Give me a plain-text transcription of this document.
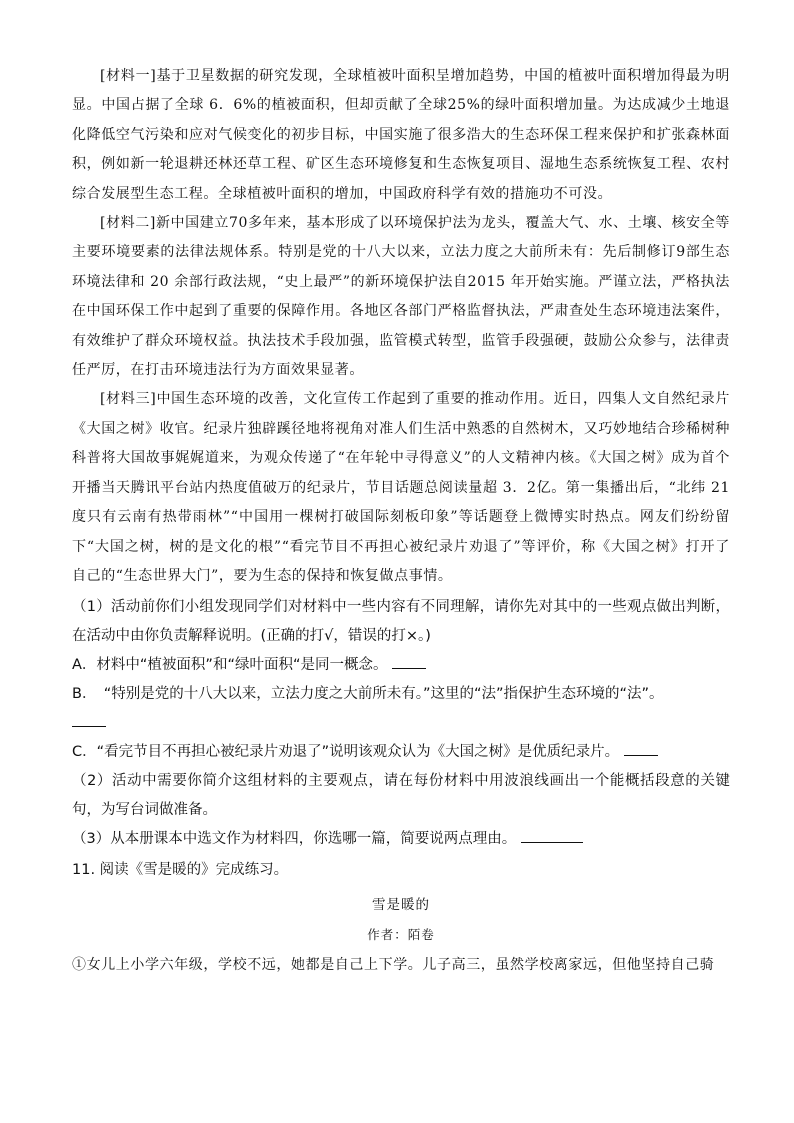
[材料一]基于卫星数据的研究发现，全球植被叶面积呈增加趋势，中国的植被叶面积增加得最为明显。中国占据了全球 6．6%的植被面积，但却贡献了全球25%的绿叶面积增加量。为达成减少土地退化降低空气污染和应对气候变化的初步目标，中国实施了很多浩大的生态环保工程来保护和扩张森林面积，例如新一轮退耕还林还草工程、矿区生态环境修复和生态恢复项目、湿地生态系统恢复工程、农村综合发展型生态工程。全球植被叶面积的增加，中国政府科学有效的措施功不可没。

[材料二]新中国建立70多年来，基本形成了以环境保护法为龙头，覆盖大气、水、土壤、核安全等主要环境要素的法律法规体系。特别是党的十八大以来，立法力度之大前所未有：先后制修订9部生态环境法律和 20 余部行政法规，“史上最严”的新环境保护法自2015 年开始实施。严谨立法，严格执法在中国环保工作中起到了重要的保障作用。各地区各部门严格监督执法，严肃查处生态环境违法案件，有效维护了群众环境权益。执法技术手段加强，监管模式转型，监管手段强硬，鼓励公众参与，法律责任严厉，在打击环境违法行为方面效果显著。

[材料三]中国生态环境的改善，文化宣传工作起到了重要的推动作用。近日，四集人文自然纪录片《大国之树》收官。纪录片独辟蹊径地将视角对准人们生活中熟悉的自然树木，又巧妙地结合珍稀树种科普将大国故事娓娓道来，为观众传递了“在年轮中寻得意义”的人文精神内核。《大国之树》成为首个开播当天腾讯平台站内热度值破万的纪录片，节目话题总阅读量超 3．2亿。第一集播出后，“北纬 21度只有云南有热带雨林”“中国用一棵树打破国际刻板印象”等话题登上微博实时热点。网友们纷纷留下“大国之树，树的是文化的根”“看完节目不再担心被纪录片劝退了”等评价，称《大国之树》打开了自己的“生态世界大门”，要为生态的保持和恢复做点事情。

（1）活动前你们小组发现同学们对材料中一些内容有不同理解，请你先对其中的一些观点做出判断，在活动中由你负责解释说明。(正确的打√，错误的打×。)

A．材料中“植被面积”和“绿叶面积“是同一概念。

B．　“特别是党的十八大以来，立法力度之大前所未有。”这里的“法”指保护生态环境的“法”。

C．“看完节目不再担心被纪录片劝退了”说明该观众认为《大国之树》是优质纪录片。

（2）活动中需要你简介这组材料的主要观点，请在每份材料中用波浪线画出一个能概括段意的关键句，为写台词做准备。

（3）从本册课本中选文作为材料四，你选哪一篇，简要说两点理由。

11. 阅读《雪是暖的》完成练习。

雪是暖的

作者：陌卷

①女儿上小学六年级，学校不远，她都是自己上下学。儿子高三，虽然学校离家远，但他坚持自己骑
